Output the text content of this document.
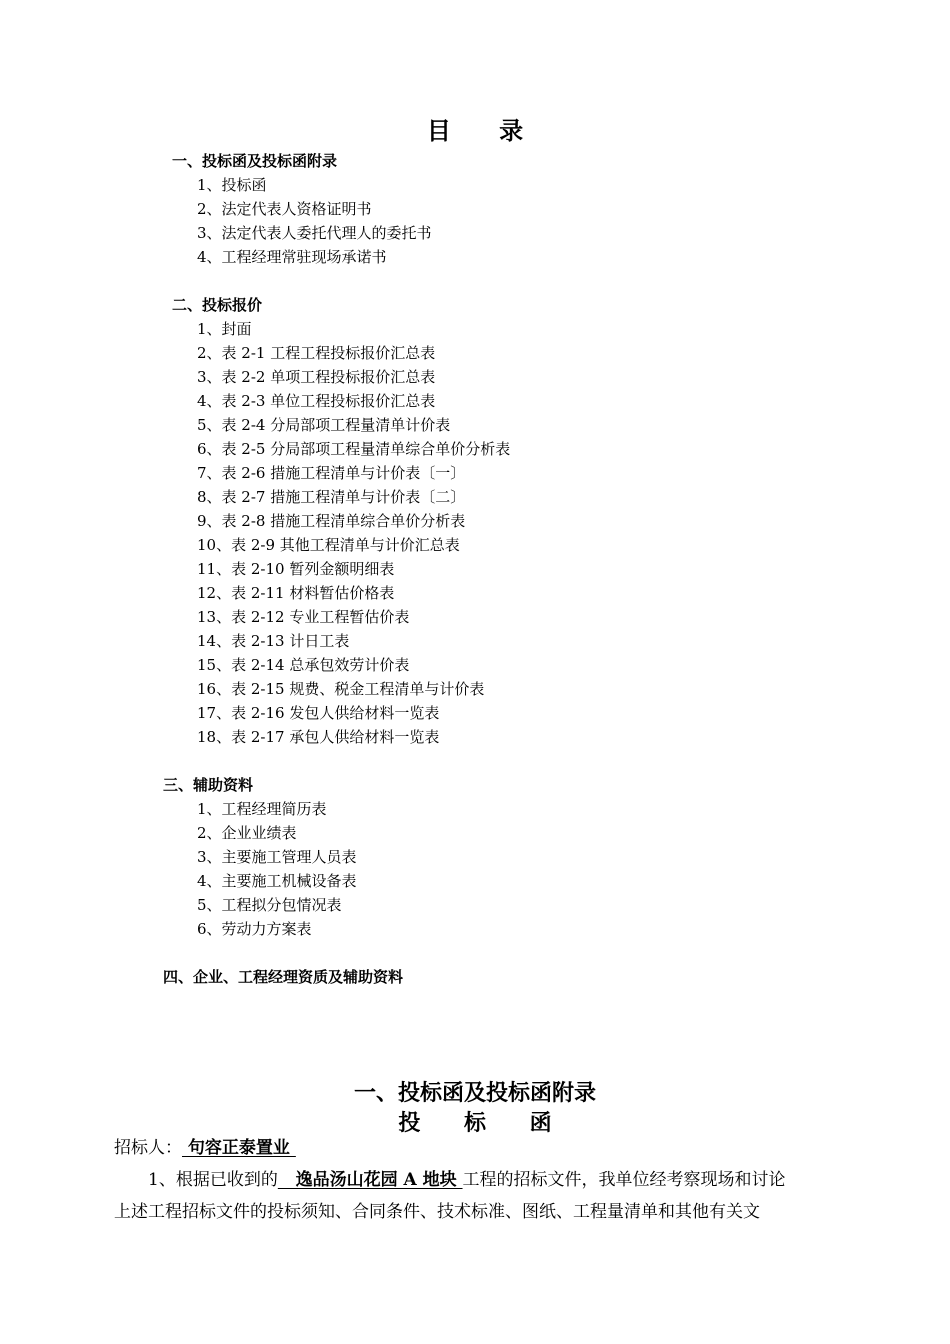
目 录
一、投标函及投标函附录
1、投标函
2、法定代表人资格证明书
3、法定代表人委托代理人的委托书
4、工程经理常驻现场承诺书
二、投标报价
1、封面
2、表 2-1 工程工程投标报价汇总表
3、表 2-2 单项工程投标报价汇总表
4、表 2-3 单位工程投标报价汇总表
5、表 2-4 分局部项工程量清单计价表
6、表 2-5 分局部项工程量清单综合单价分析表
7、表 2-6 措施工程清单与计价表〔一〕
8、表 2-7 措施工程清单与计价表〔二〕
9、表 2-8 措施工程清单综合单价分析表
10、表 2-9 其他工程清单与计价汇总表
11、表 2-10 暂列金额明细表
12、表 2-11 材料暂估价格表
13、表 2-12 专业工程暂估价表
14、表 2-13 计日工表
15、表 2-14 总承包效劳计价表
16、表 2-15 规费、税金工程清单与计价表
17、表 2-16 发包人供给材料一览表
18、表 2-17 承包人供给材料一览表
三、辅助资料
1、工程经理简历表
2、企业业绩表
3、主要施工管理人员表
4、主要施工机械设备表
5、工程拟分包情况表
6、劳动力方案表
四、企业、工程经理资质及辅助资料
一、投标函及投标函附录
投 标 函
招标人： 句容正泰置业
1、根据已收到的   逸品汤山花园 A 地块 工程的招标文件，我单位经考察现场和讨论
上述工程招标文件的投标须知、合同条件、技术标准、图纸、工程量清单和其他有关文
